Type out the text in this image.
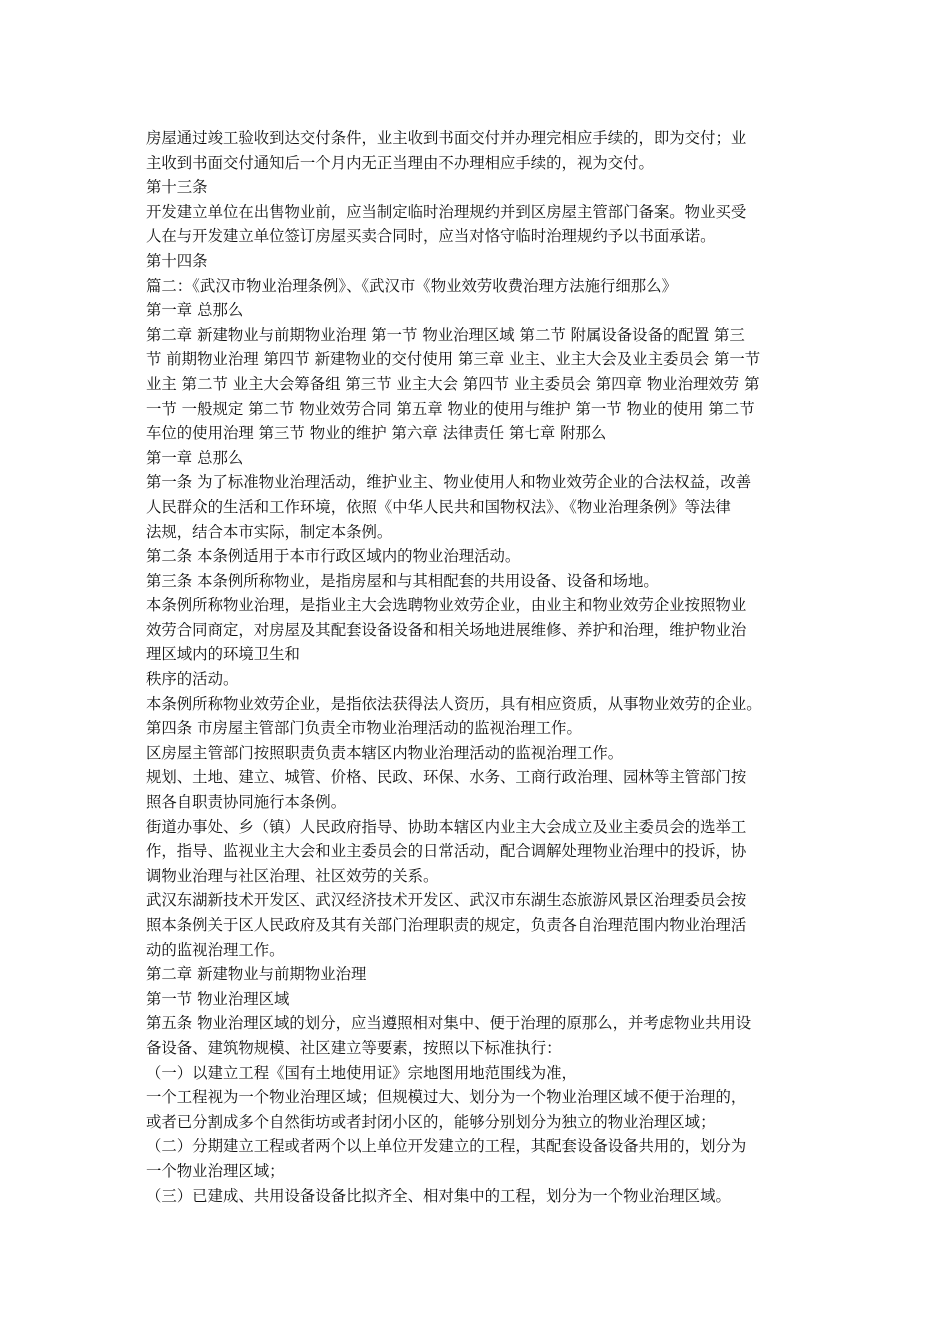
房屋通过竣工验收到达交付条件，业主收到书面交付并办理完相应手续的，即为交付；业
主收到书面交付通知后一个月内无正当理由不办理相应手续的，视为交付。
第十三条
开发建立单位在出售物业前，应当制定临时治理规约并到区房屋主管部门备案。物业买受
人在与开发建立单位签订房屋买卖合同时，应当对恪守临时治理规约予以书面承诺。
第十四条
篇二：《武汉市物业治理条例》、《武汉市《物业效劳收费治理方法施行细那么》
第一章 总那么
第二章 新建物业与前期物业治理 第一节 物业治理区域 第二节 附属设备设备的配置 第三
节 前期物业治理 第四节 新建物业的交付使用 第三章 业主、业主大会及业主委员会 第一节
业主 第二节 业主大会筹备组 第三节 业主大会 第四节 业主委员会 第四章 物业治理效劳 第
一节 一般规定 第二节 物业效劳合同 第五章 物业的使用与维护 第一节 物业的使用 第二节
车位的使用治理 第三节 物业的维护 第六章 法律责任 第七章 附那么
第一章 总那么
第一条 为了标准物业治理活动，维护业主、物业使用人和物业效劳企业的合法权益，改善
人民群众的生活和工作环境，依照《中华人民共和国物权法》、《物业治理条例》等法律
法规，结合本市实际，制定本条例。
第二条 本条例适用于本市行政区域内的物业治理活动。
第三条 本条例所称物业，是指房屋和与其相配套的共用设备、设备和场地。
本条例所称物业治理，是指业主大会选聘物业效劳企业，由业主和物业效劳企业按照物业
效劳合同商定，对房屋及其配套设备设备和相关场地进展维修、养护和治理，维护物业治
理区域内的环境卫生和
秩序的活动。
本条例所称物业效劳企业，是指依法获得法人资历，具有相应资质，从事物业效劳的企业。
第四条 市房屋主管部门负责全市物业治理活动的监视治理工作。
区房屋主管部门按照职责负责本辖区内物业治理活动的监视治理工作。
规划、土地、建立、城管、价格、民政、环保、水务、工商行政治理、园林等主管部门按
照各自职责协同施行本条例。
街道办事处、乡（镇）人民政府指导、协助本辖区内业主大会成立及业主委员会的选举工
作，指导、监视业主大会和业主委员会的日常活动，配合调解处理物业治理中的投诉，协
调物业治理与社区治理、社区效劳的关系。
武汉东湖新技术开发区、武汉经济技术开发区、武汉市东湖生态旅游风景区治理委员会按
照本条例关于区人民政府及其有关部门治理职责的规定，负责各自治理范围内物业治理活
动的监视治理工作。
第二章 新建物业与前期物业治理
第一节 物业治理区域
第五条 物业治理区域的划分，应当遵照相对集中、便于治理的原那么，并考虑物业共用设
备设备、建筑物规模、社区建立等要素，按照以下标准执行：
（一）以建立工程《国有土地使用证》宗地图用地范围线为准，
一个工程视为一个物业治理区域；但规模过大、划分为一个物业治理区域不便于治理的，
或者已分割成多个自然街坊或者封闭小区的，能够分别划分为独立的物业治理区域；
（二）分期建立工程或者两个以上单位开发建立的工程，其配套设备设备共用的，划分为
一个物业治理区域；
（三）已建成、共用设备设备比拟齐全、相对集中的工程，划分为一个物业治理区域。
